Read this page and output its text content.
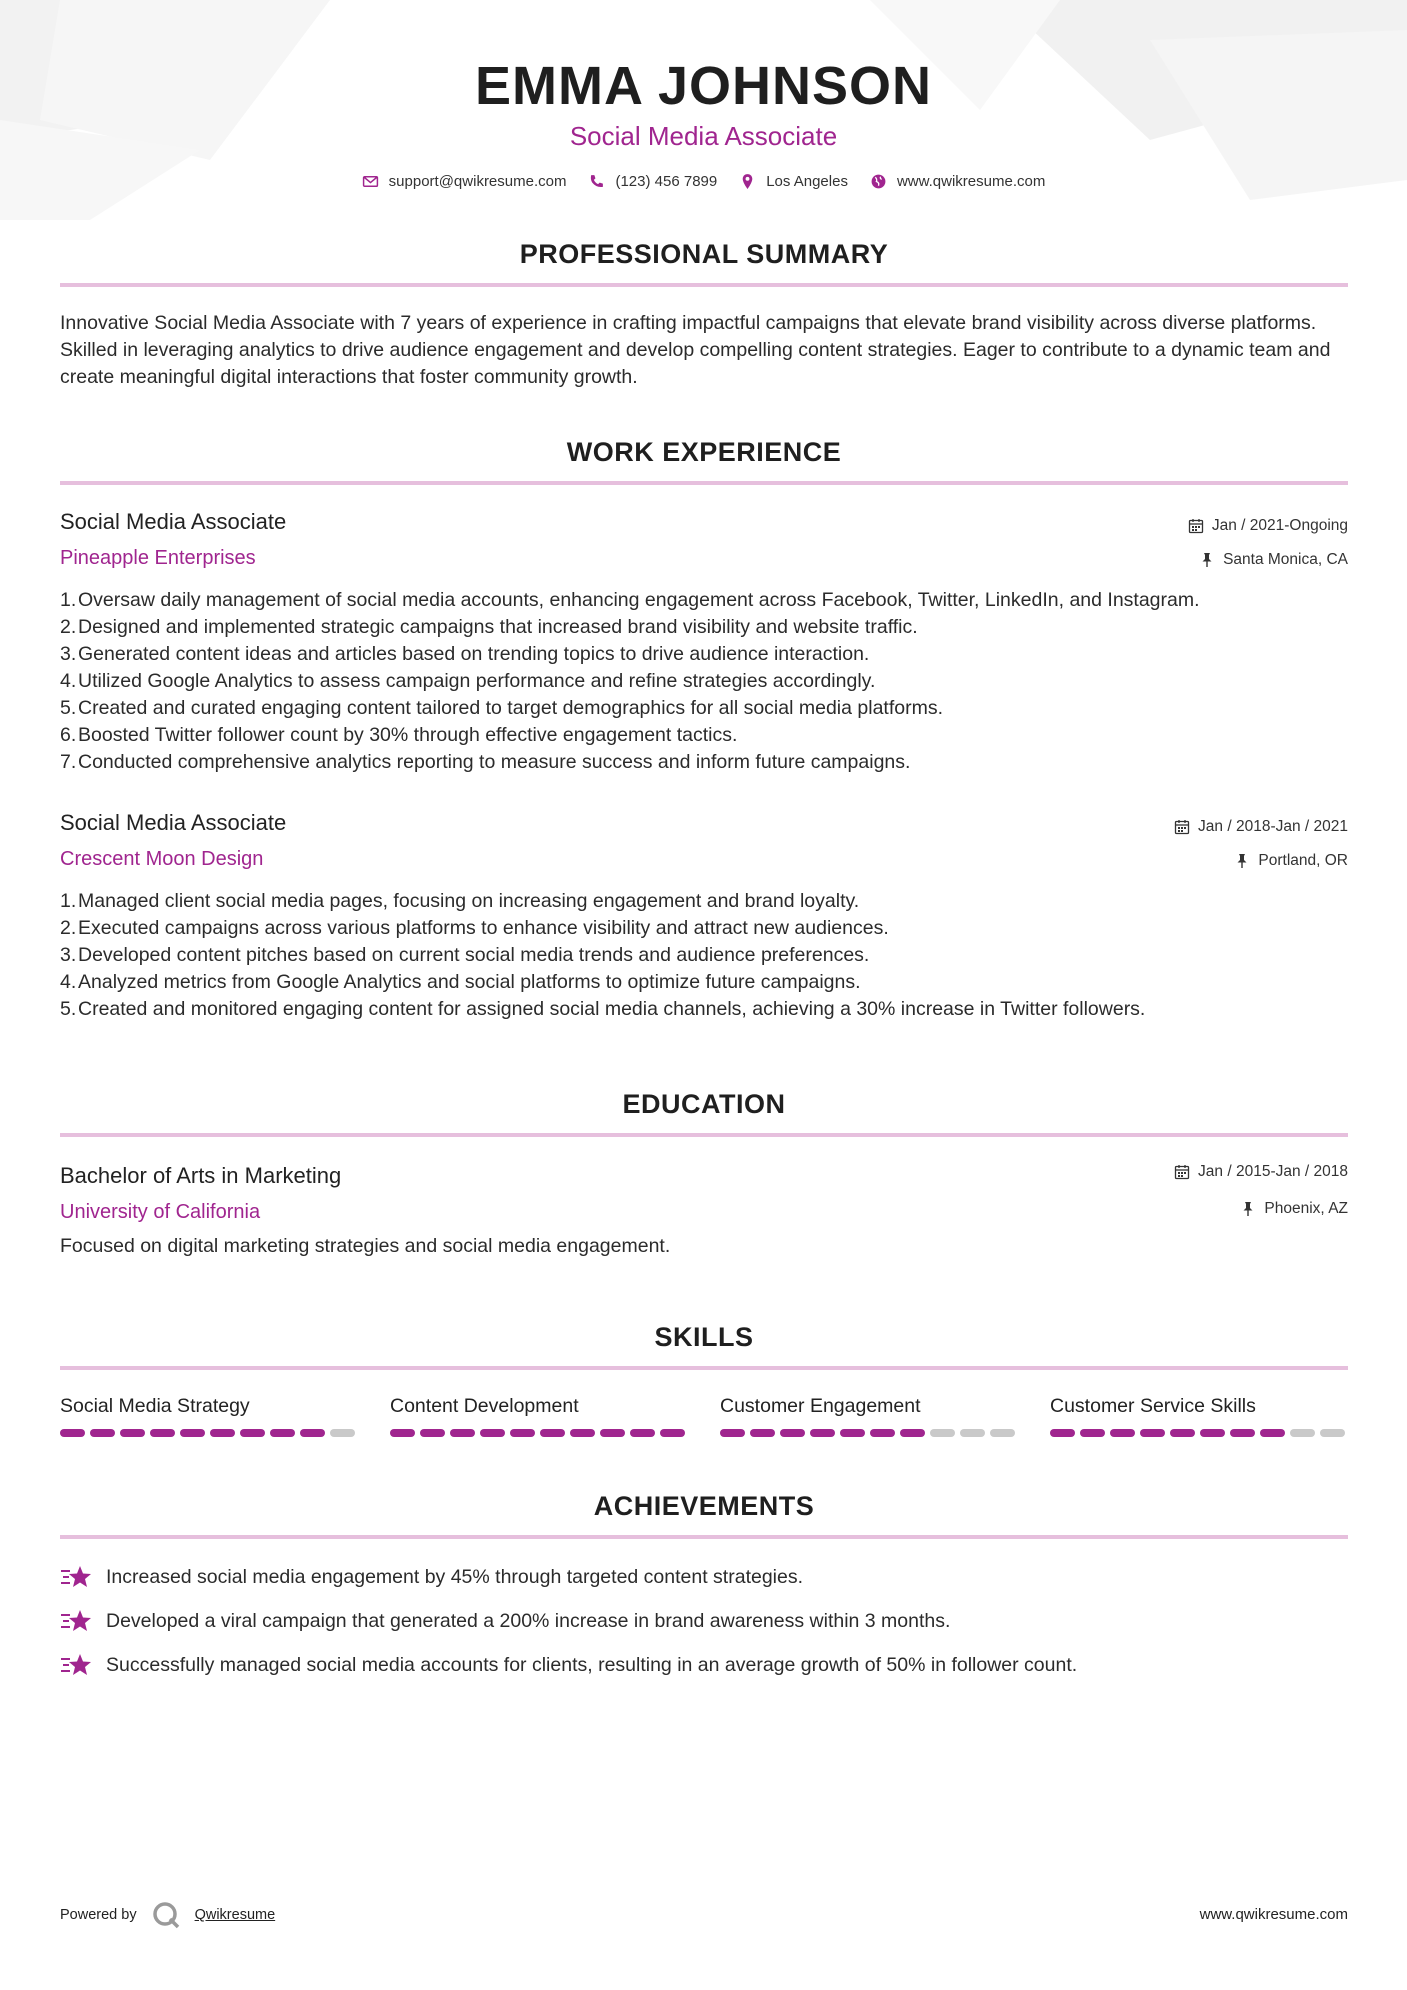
EMMA JOHNSON
Social Media Associate
support@qwikresume.com	(123) 456 7899	Los Angeles	www.qwikresume.com
PROFESSIONAL SUMMARY
Innovative Social Media Associate with 7 years of experience in crafting impactful campaigns that elevate brand visibility across diverse platforms. Skilled in leveraging analytics to drive audience engagement and develop compelling content strategies. Eager to contribute to a dynamic team and create meaningful digital interactions that foster community growth.
WORK EXPERIENCE
Social Media Associate
Pineapple Enterprises
Jan / 2021-Ongoing
Santa Monica, CA
1. Oversaw daily management of social media accounts, enhancing engagement across Facebook, Twitter, LinkedIn, and Instagram.
2. Designed and implemented strategic campaigns that increased brand visibility and website traffic.
3. Generated content ideas and articles based on trending topics to drive audience interaction.
4. Utilized Google Analytics to assess campaign performance and refine strategies accordingly.
5. Created and curated engaging content tailored to target demographics for all social media platforms.
6. Boosted Twitter follower count by 30% through effective engagement tactics.
7. Conducted comprehensive analytics reporting to measure success and inform future campaigns.
Social Media Associate
Crescent Moon Design
Jan / 2018-Jan / 2021
Portland, OR
1. Managed client social media pages, focusing on increasing engagement and brand loyalty.
2. Executed campaigns across various platforms to enhance visibility and attract new audiences.
3. Developed content pitches based on current social media trends and audience preferences.
4. Analyzed metrics from Google Analytics and social platforms to optimize future campaigns.
5. Created and monitored engaging content for assigned social media channels, achieving a 30% increase in Twitter followers.
EDUCATION
Bachelor of Arts in Marketing
University of California
Jan / 2015-Jan / 2018
Phoenix, AZ
Focused on digital marketing strategies and social media engagement.
SKILLS
Social Media Strategy	Content Development	Customer Engagement	Customer Service Skills
ACHIEVEMENTS
Increased social media engagement by 45% through targeted content strategies.
Developed a viral campaign that generated a 200% increase in brand awareness within 3 months.
Successfully managed social media accounts for clients, resulting in an average growth of 50% in follower count.
Powered by	Qwikresume	www.qwikresume.com
